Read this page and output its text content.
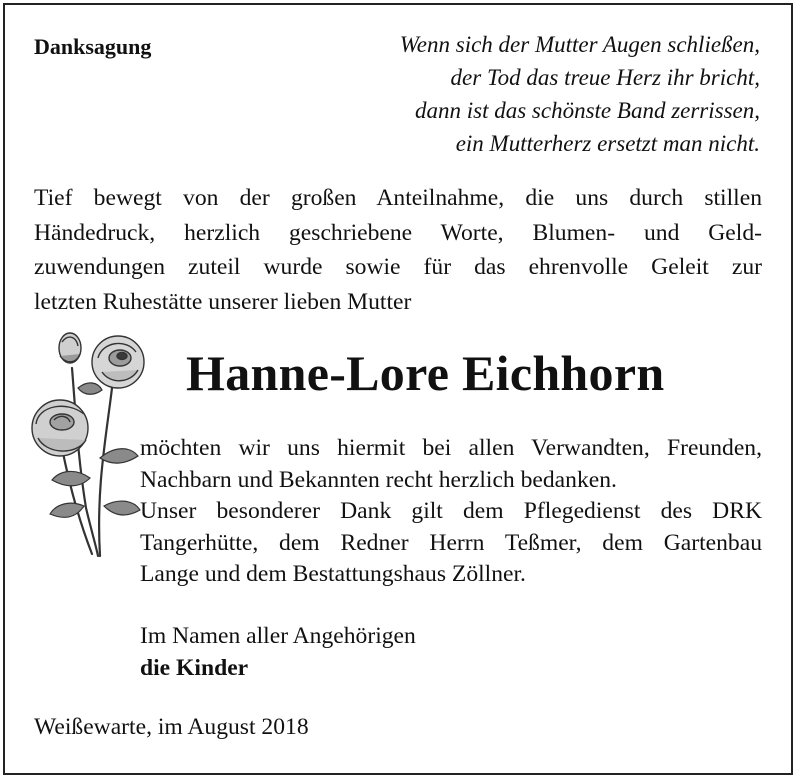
Danksagung	Wenn sich der Mutter Augen schließen,
der Tod das treue Herz ihr bricht,
dann ist das schönste Band zerrissen,
ein Mutterherz ersetzt man nicht.
Tief bewegt von der großen Anteilnahme, die uns durch stillen
Händedruck, herzlich geschriebene Worte, Blumen- und Geld-
zuwendungen zuteil wurde sowie für das ehrenvolle Geleit zur
letzten Ruhestätte unserer lieben Mutter
Hanne-Lore Eichhorn
möchten wir uns hiermit bei allen Verwandten, Freunden,
Nachbarn und Bekannten recht herzlich bedanken.
Unser besonderer Dank gilt dem Pflegedienst des DRK
Tangerhütte, dem Redner Herrn Teßmer, dem Gartenbau
Lange und dem Bestattungshaus Zöllner.
Im Namen aller Angehörigen
die Kinder
Weißewarte, im August 2018
